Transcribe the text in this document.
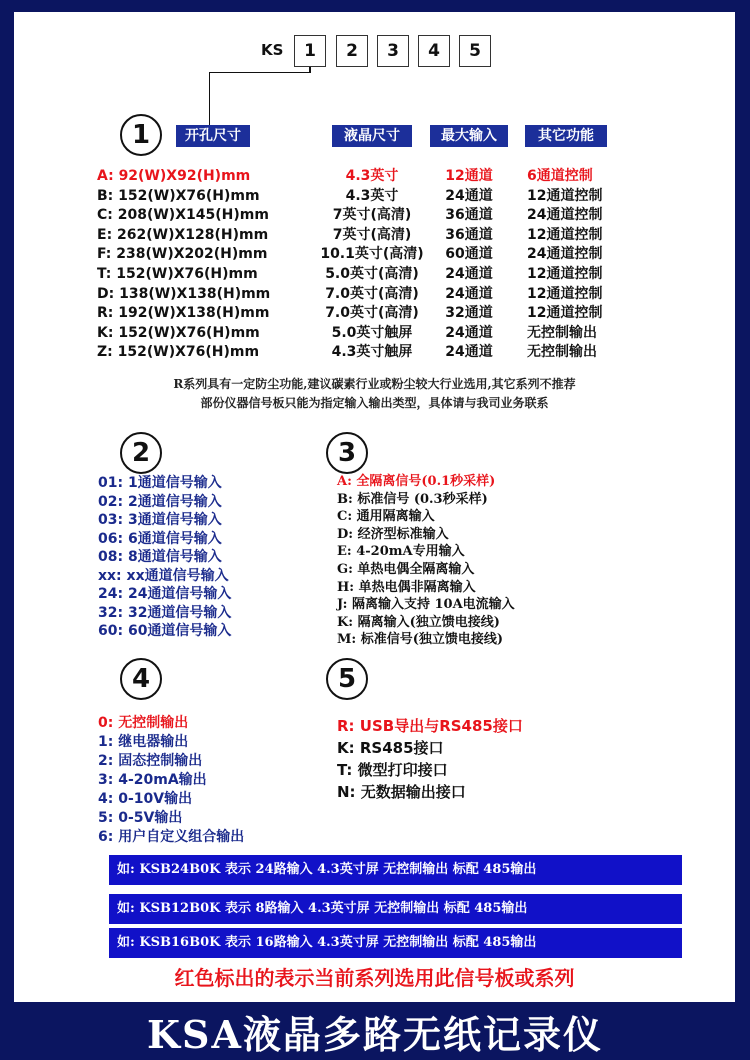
KS	1	2	3	4	5
1	开孔尺寸	液晶尺寸	最大输入	其它功能
A: 92(W)X92(H)mm	4.3英寸	12通道	6通道控制
B: 152(W)X76(H)mm	4.3英寸	24通道	12通道控制
C: 208(W)X145(H)mm	7英寸(高清)	36通道	24通道控制
E: 262(W)X128(H)mm	7英寸(高清)	36通道	12通道控制
F: 238(W)X202(H)mm	10.1英寸(高清)	60通道	24通道控制
T: 152(W)X76(H)mm	5.0英寸(高清)	24通道	12通道控制
D: 138(W)X138(H)mm	7.0英寸(高清)	24通道	12通道控制
R: 192(W)X138(H)mm	7.0英寸(高清)	32通道	12通道控制
K: 152(W)X76(H)mm	5.0英寸触屏	24通道	无控制输出
Z: 152(W)X76(H)mm	4.3英寸触屏	24通道	无控制输出
R系列具有一定防尘功能,建议碳素行业或粉尘较大行业选用,其它系列不推荐
部份仪器信号板只能为指定输入输出类型，具体请与我司业务联系
2
01: 1通道信号输入
02: 2通道信号输入
03: 3通道信号输入
06: 6通道信号输入
08: 8通道信号输入
xx: xx通道信号输入
24: 24通道信号输入
32: 32通道信号输入
60: 60通道信号输入
3
A: 全隔离信号(0.1秒采样)
B: 标准信号 (0.3秒采样)
C: 通用隔离输入
D: 经济型标准输入
E: 4-20mA专用输入
G: 单热电偶全隔离输入
H: 单热电偶非隔离输入
J: 隔离输入支持 10A电流输入
K: 隔离输入(独立馈电接线)
M: 标准信号(独立馈电接线)
4
0: 无控制输出
1: 继电器输出
2: 固态控制输出
3: 4-20mA输出
4: 0-10V输出
5: 0-5V输出
6: 用户自定义组合输出
5
R: USB导出与RS485接口
K: RS485接口
T: 微型打印接口
N: 无数据输出接口
如: KSB24B0K 表示 24路输入 4.3英寸屏 无控制输出 标配 485输出
如: KSB12B0K 表示 8路输入 4.3英寸屏 无控制输出 标配 485输出
如: KSB16B0K 表示 16路输入 4.3英寸屏 无控制输出 标配 485输出
红色标出的表示当前系列选用此信号板或系列
KSA液晶多路无纸记录仪
